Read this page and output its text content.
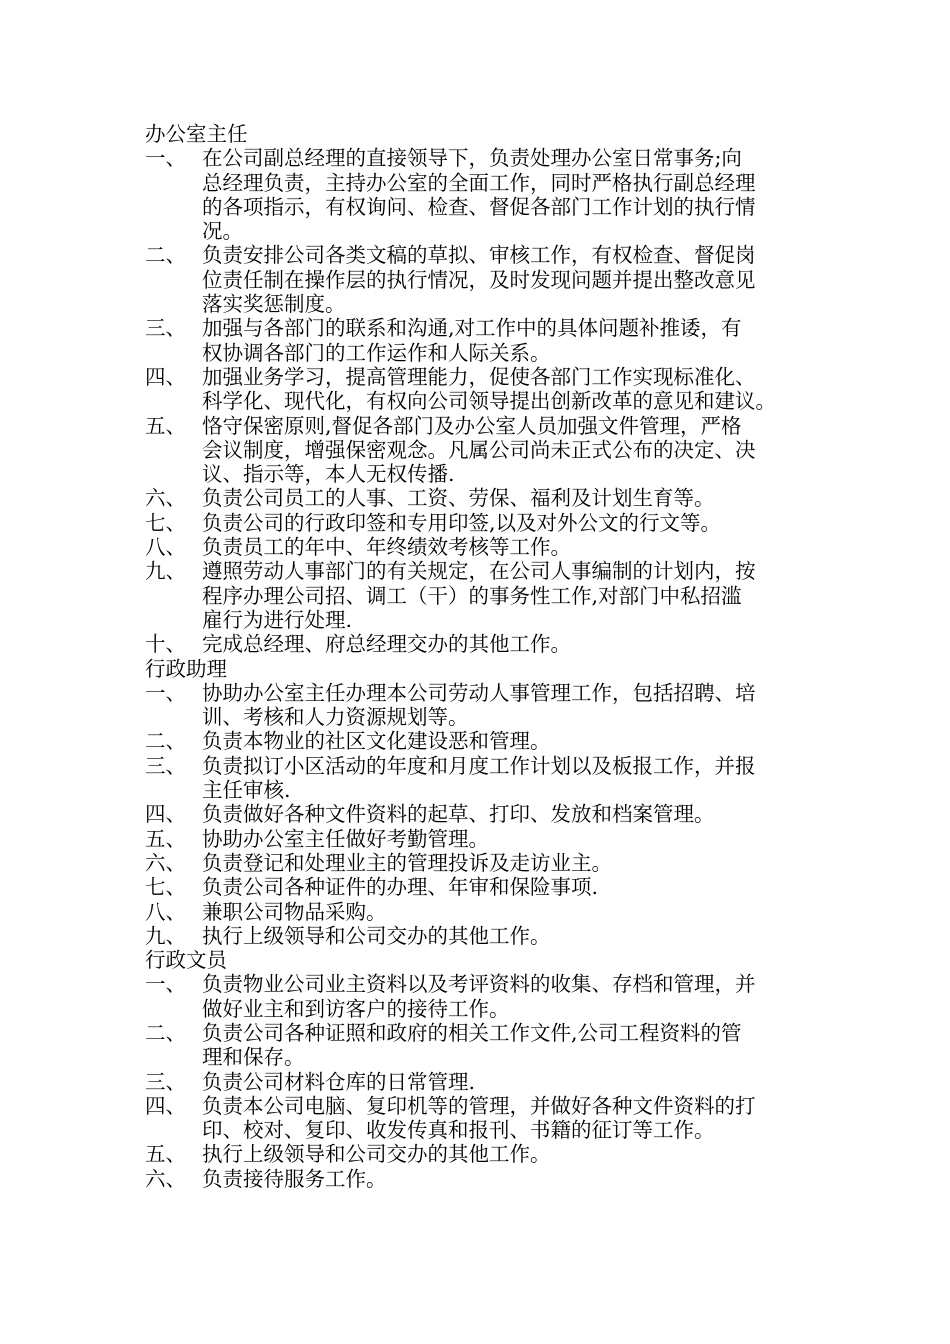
办公室主任
一、 在公司副总经理的直接领导下，负责处理办公室日常事务;向
总经理负责，主持办公室的全面工作，同时严格执行副总经理
的各项指示，有权询问、检查、督促各部门工作计划的执行情
况。
二、 负责安排公司各类文稿的草拟、审核工作，有权检查、督促岗
位责任制在操作层的执行情况，及时发现问题并提出整改意见
落实奖惩制度。
三、 加强与各部门的联系和沟通,对工作中的具体问题补推诿，有
权协调各部门的工作运作和人际关系。
四、 加强业务学习，提高管理能力，促使各部门工作实现标准化、
科学化、现代化，有权向公司领导提出创新改革的意见和建议。
五、 恪守保密原则,督促各部门及办公室人员加强文件管理，严格
会议制度，增强保密观念。凡属公司尚未正式公布的决定、决
议、指示等，本人无权传播.
六、 负责公司员工的人事、工资、劳保、福利及计划生育等。
七、 负责公司的行政印签和专用印签,以及对外公文的行文等。
八、 负责员工的年中、年终绩效考核等工作。
九、 遵照劳动人事部门的有关规定，在公司人事编制的计划内，按
程序办理公司招、调工（干）的事务性工作,对部门中私招滥
雇行为进行处理.
十、 完成总经理、府总经理交办的其他工作。
行政助理
一、 协助办公室主任办理本公司劳动人事管理工作，包括招聘、培
训、考核和人力资源规划等。
二、 负责本物业的社区文化建设恶和管理。
三、 负责拟订小区活动的年度和月度工作计划以及板报工作，并报
主任审核.
四、 负责做好各种文件资料的起草、打印、发放和档案管理。
五、 协助办公室主任做好考勤管理。
六、 负责登记和处理业主的管理投诉及走访业主。
七、 负责公司各种证件的办理、年审和保险事项.
八、 兼职公司物品采购。
九、 执行上级领导和公司交办的其他工作。
行政文员
一、 负责物业公司业主资料以及考评资料的收集、存档和管理，并
做好业主和到访客户的接待工作。
二、 负责公司各种证照和政府的相关工作文件,公司工程资料的管
理和保存。
三、 负责公司材料仓库的日常管理.
四、 负责本公司电脑、复印机等的管理，并做好各种文件资料的打
印、校对、复印、收发传真和报刊、书籍的征订等工作。
五、 执行上级领导和公司交办的其他工作。
六、 负责接待服务工作。
